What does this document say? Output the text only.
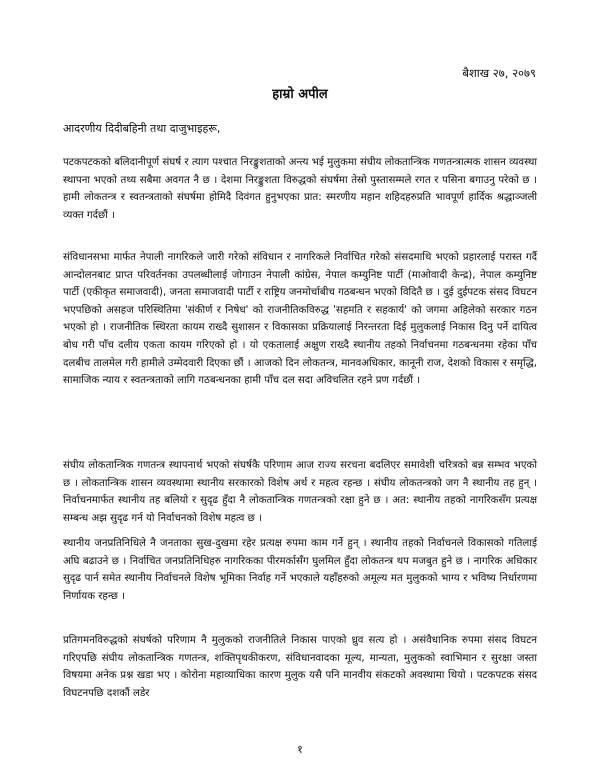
बैशाख २७, २०७९
हाम्रो अपील
आदरणीय दिदीबहिनी तथा दाजुभाइहरू,

पटकपटकको बलिदानीपूर्ण संघर्ष र त्याग पश्चात निरङ्कुशताको अन्त्य भई मुलुकमा संघीय लोकतान्त्रिक गणतन्त्रात्मक शासन व्यवस्था स्थापना भएको तथ्य सबैमा अवगत नै छ । देशमा निरङ्कुशता विरुद्धको संघर्षमा तेस्रो पुस्तासम्मले रगत र पसिना बगाउनु परेको छ । हामी लोकतन्त्र र स्वतन्त्रताको संघर्षमा होमिदै दिवंगत हुनुभएका प्रात: स्मरणीय महान शहिदहरुप्रति भावपूर्ण हार्दिक श्रद्धाञ्जली व्यक्त गर्दछौं ।

संविधानसभा मार्फत नेपाली नागरिकले जारी गरेको संविधान र नागरिकले निर्वाचित गरेको संसदमाथि भएको प्रहारलाई परास्त गर्दै आन्दोलनबाट प्राप्त परिवर्तनका उपलब्धीलाई जोगाउन नेपाली कांग्रेस, नेपाल कम्युनिष्ट पार्टी (माओवादी केन्द्र), नेपाल कम्युनिष्ट पार्टी (एकीकृत समाजवादी), जनता समाजवादी पार्टी र राष्ट्रिय जनमोर्चाबीच गठबन्धन भएको विदितै छ । दुई दुईपटक संसद विघटन भएपछिको असहज परिस्थितिमा 'संकीर्ण र निषेध' को राजनीतिकविरुद्ध 'सहमति र सहकार्य' को जगमा अहिलेको सरकार गठन भएको हो । राजनीतिक स्थिरता कायम राख्दै सुशासन र विकासका प्रक्रियालाई निरन्तरता दिई मुलुकलाई निकास दिनु पर्ने दायित्व बोध गरी पाँच दलीय एकता कायम गरिएको हो । यो एकतालाई अक्षुण राख्दै स्थानीय तहको निर्वाचनमा गठबन्धनमा रहेका पाँच दलबीच तालमेल गरी हामीले उम्मेदवारी दिएका छौं । आजको दिन लोकतन्त्र, मानवअधिकार, कानूनी राज, देशको विकास र समृद्धि, सामाजिक न्याय र स्वतन्त्रताको लागि गठबन्धनका हामी पाँच दल सदा अविचलित रहने प्रण गर्दछौं ।

संघीय लोकतान्त्रिक गणतन्त्र स्थापनार्थ भएको संघर्षकै परिणाम आज राज्य सरचना बदलिएर समावेशी चरित्रको बन्न सम्भव भएको छ । लोकतान्त्रिक शासन व्यवस्थामा स्थानीय सरकारको विशेष अर्थ र महत्व रहन्छ । संघीय लोकतन्त्रको जग नै स्थानीय तह हुन् । निर्वाचनमार्फत स्थानीय तह बलियो र सुदृढ हुँदा नै लोकतान्त्रिक गणतन्त्रको रक्षा हुने छ । अत: स्थानीय तहको नागरिकसँग प्रत्यक्ष सम्बन्ध अझ सुदृढ गर्न यो निर्वाचनको विशेष महत्व छ ।

स्थानीय जनप्रतिनिधिले नै जनताका सुख-दुखमा रहेर प्रत्यक्ष रुपमा काम गर्ने हुन् । स्थानीय तहको निर्वाचनले विकासको गतिलाई अघि बढाउने छ । निर्वाचित जनप्रतिनिधिहरु नागरिकका पीरमर्कासँग घुलमिल हुँदा लोकतन्त्र थप मजबुत हुने छ । नागरिक अधिकार सुदृढ पार्न समेत स्थानीय निर्वाचनले विशेष भूमिका निर्वाह गर्ने भएकाले यहाँहरुको अमूल्य मत मुलुकको भाग्य र भविष्य निर्धारणमा निर्णायक रहन्छ ।

प्रतिगमनविरुद्धको संघर्षको परिणाम नै मुलुकको राजनीतिले निकास पाएको ध्रुव सत्य हो । असंवैधानिक रुपमा संसद विघटन गरिएपछि संघीय लोकतान्त्रिक गणतन्त्र, शक्तिपृथकीकरण, संविधानवादका मूल्य, मान्यता, मुलुकको स्वाभिमान र सुरक्षा जस्ता विषयमा अनेक प्रश्न खडा भए । कोरोना महाव्याधिका कारण मुलुक यसै पनि मानवीय संकटको अवस्थामा थियो । पटकपटक संसद विघटनपछि दशकौं लडेर

१
